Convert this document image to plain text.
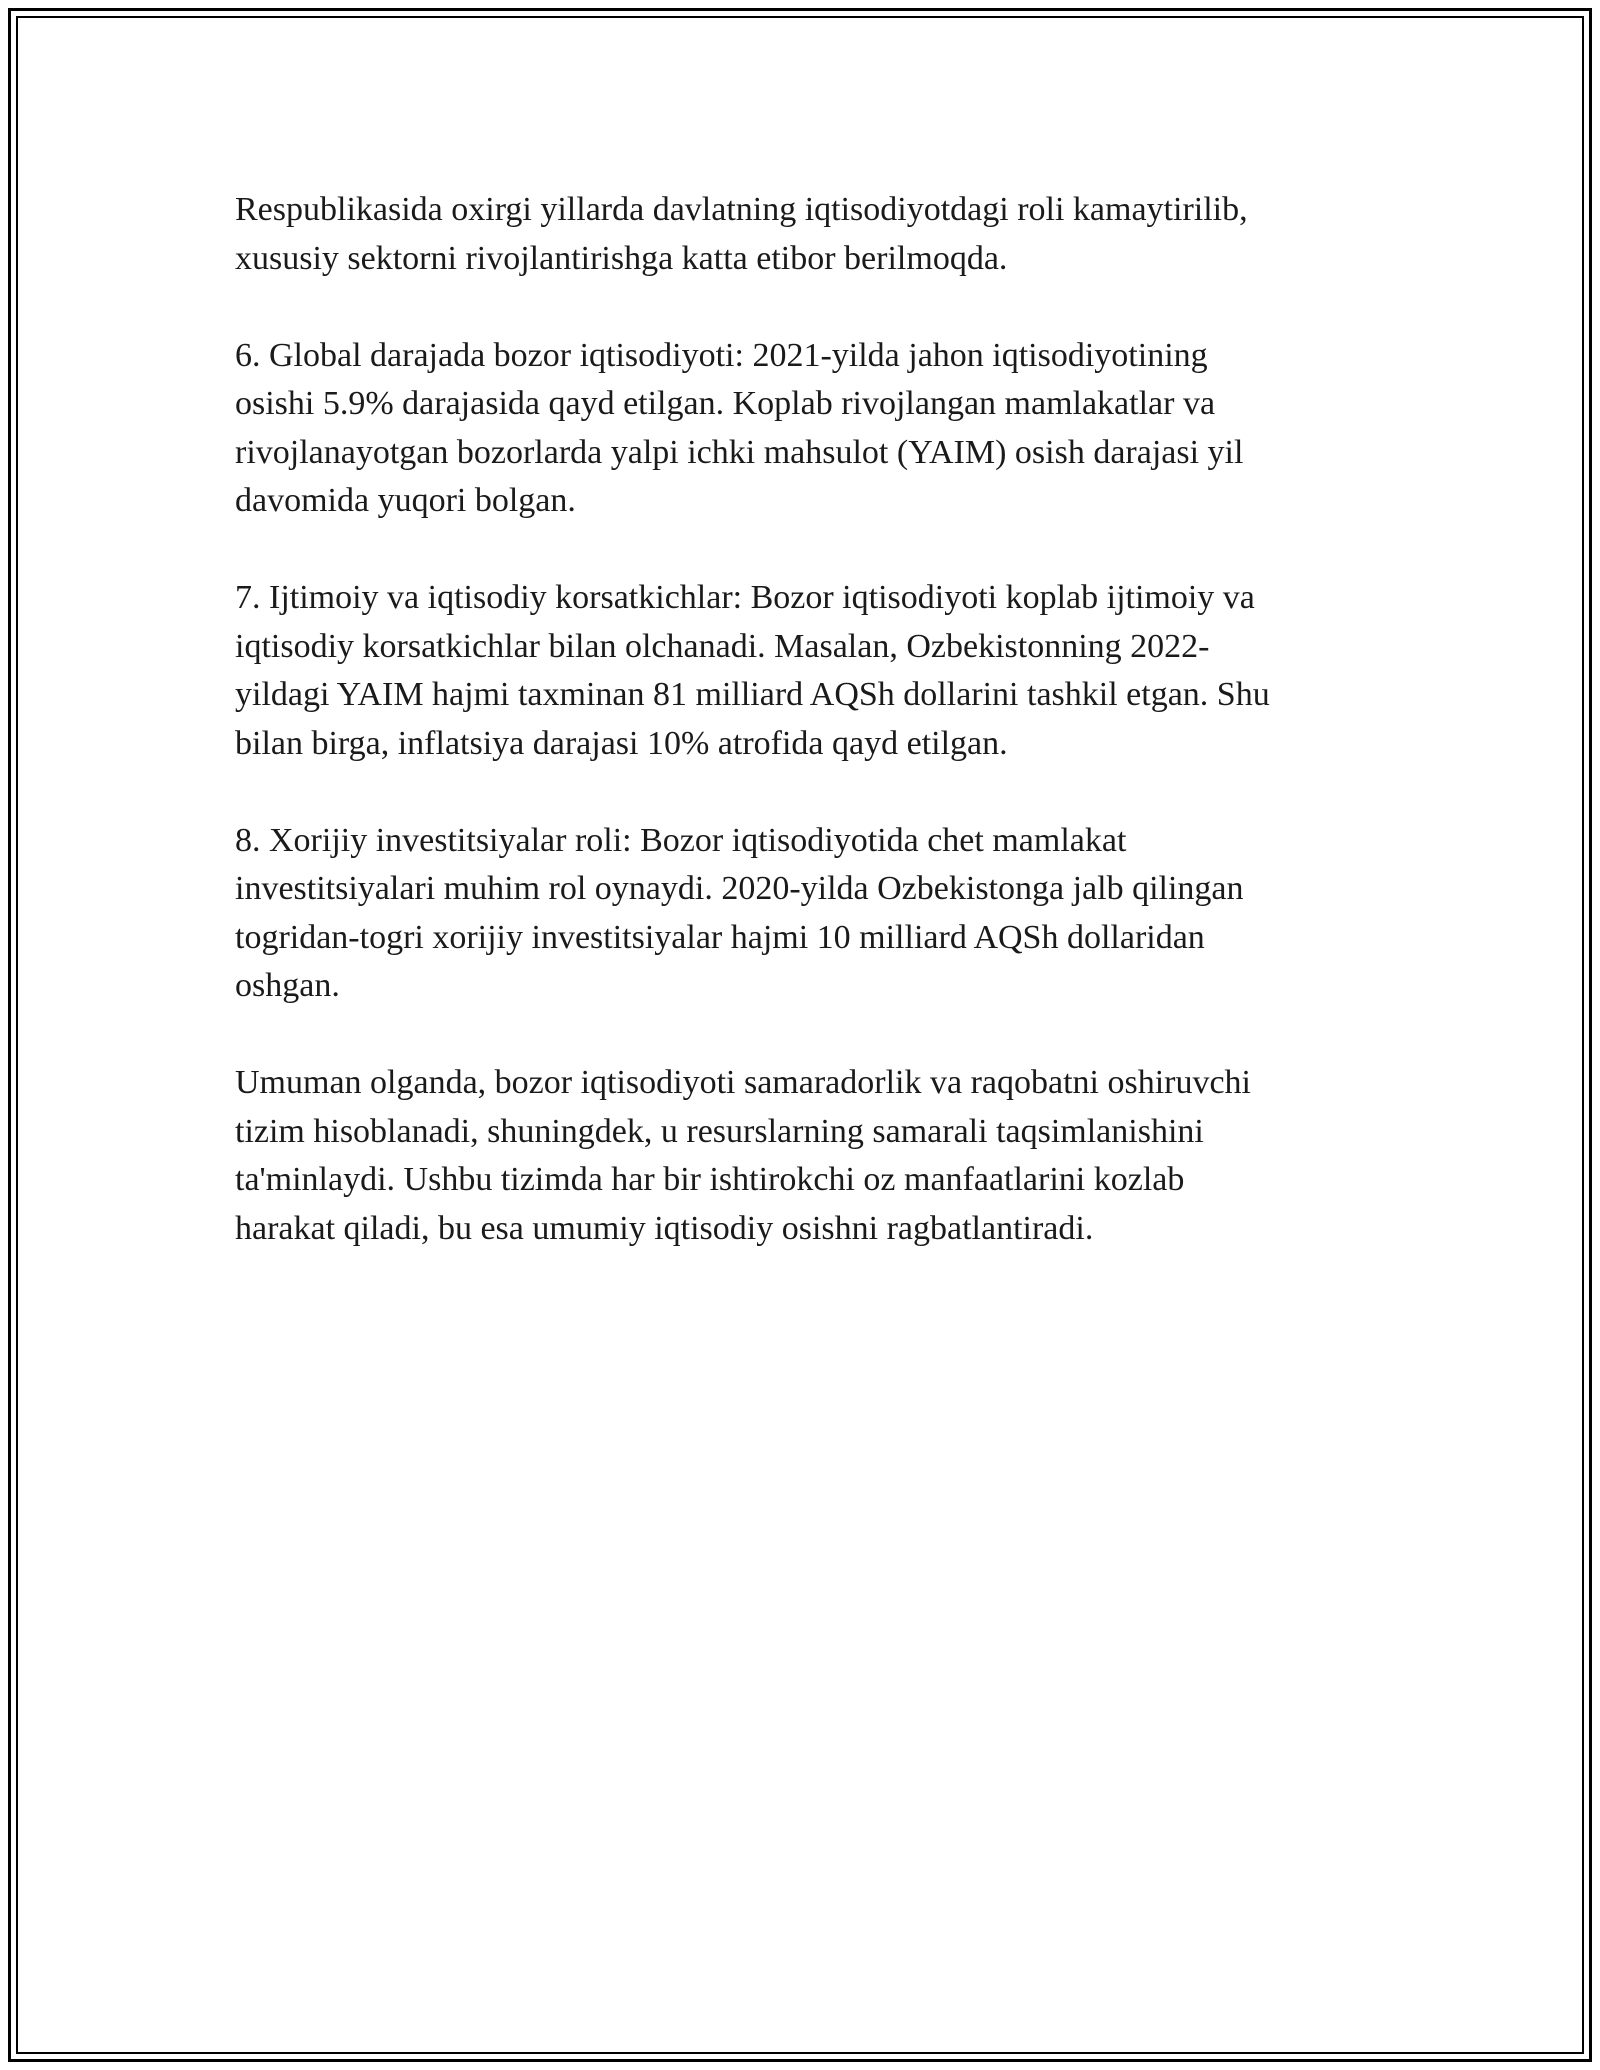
Respublikasida oxirgi yillarda davlatning iqtisodiyotdagi roli kamaytirilib,
xususiy sektorni rivojlantirishga katta etibor berilmoqda.

6. Global darajada bozor iqtisodiyoti: 2021-yilda jahon iqtisodiyotining
osishi 5.9% darajasida qayd etilgan. Koplab rivojlangan mamlakatlar va
rivojlanayotgan bozorlarda yalpi ichki mahsulot (YAIM) osish darajasi yil
davomida yuqori bolgan.

7. Ijtimoiy va iqtisodiy korsatkichlar: Bozor iqtisodiyoti koplab ijtimoiy va
iqtisodiy korsatkichlar bilan olchanadi. Masalan, Ozbekistonning 2022-
yildagi YAIM hajmi taxminan 81 milliard AQSh dollarini tashkil etgan. Shu
bilan birga, inflatsiya darajasi 10% atrofida qayd etilgan.

8. Xorijiy investitsiyalar roli: Bozor iqtisodiyotida chet mamlakat
investitsiyalari muhim rol oynaydi. 2020-yilda Ozbekistonga jalb qilingan
togridan-togri xorijiy investitsiyalar hajmi 10 milliard AQSh dollaridan
oshgan.

Umuman olganda, bozor iqtisodiyoti samaradorlik va raqobatni oshiruvchi
tizim hisoblanadi, shuningdek, u resurslarning samarali taqsimlanishini
ta'minlaydi. Ushbu tizimda har bir ishtirokchi oz manfaatlarini kozlab
harakat qiladi, bu esa umumiy iqtisodiy osishni ragbatlantiradi.
